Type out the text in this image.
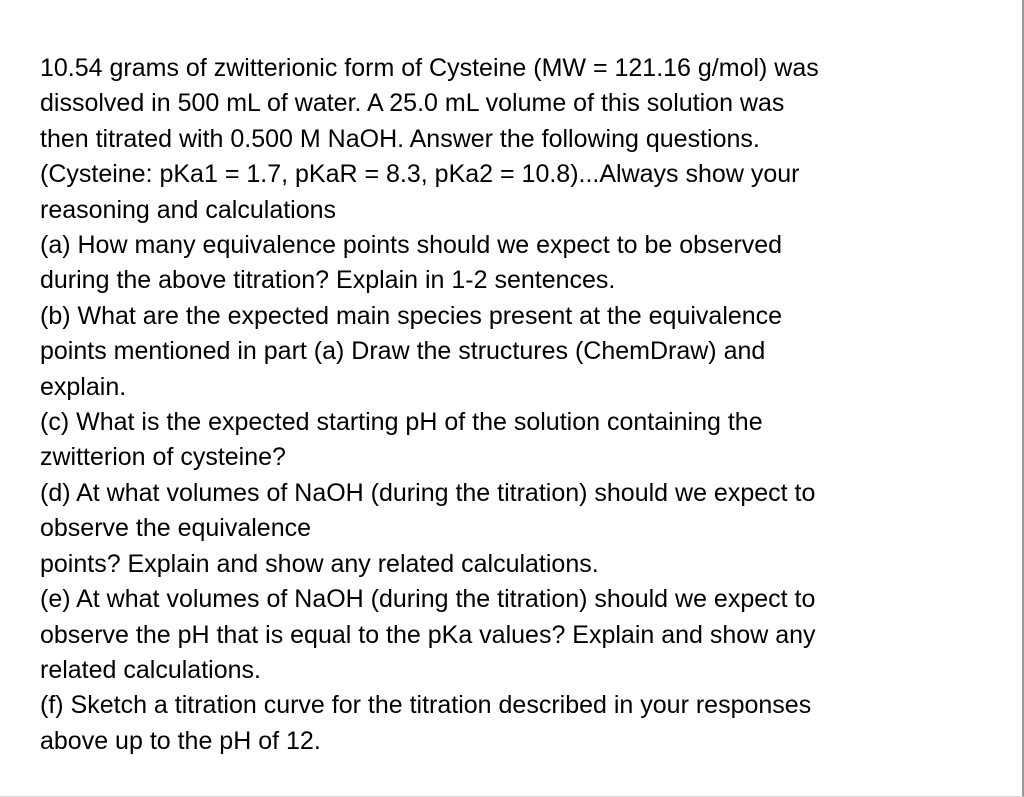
10.54 grams of zwitterionic form of Cysteine (MW = 121.16 g/mol) was

dissolved in 500 mL of water. A 25.0 mL volume of this solution was

then titrated with 0.500 M NaOH. Answer the following questions.

(Cysteine: pKa1 = 1.7, pKaR = 8.3, pKa2 = 10.8)...Always show your

reasoning and calculations

(a) How many equivalence points should we expect to be observed

during the above titration? Explain in 1-2 sentences.

(b) What are the expected main species present at the equivalence

points mentioned in part (a) Draw the structures (ChemDraw) and

explain.

(c) What is the expected starting pH of the solution containing the

zwitterion of cysteine?

(d) At what volumes of NaOH (during the titration) should we expect to

observe the equivalence

points? Explain and show any related calculations.

(e) At what volumes of NaOH (during the titration) should we expect to

observe the pH that is equal to the pKa values? Explain and show any

related calculations.

(f) Sketch a titration curve for the titration described in your responses

above up to the pH of 12.
